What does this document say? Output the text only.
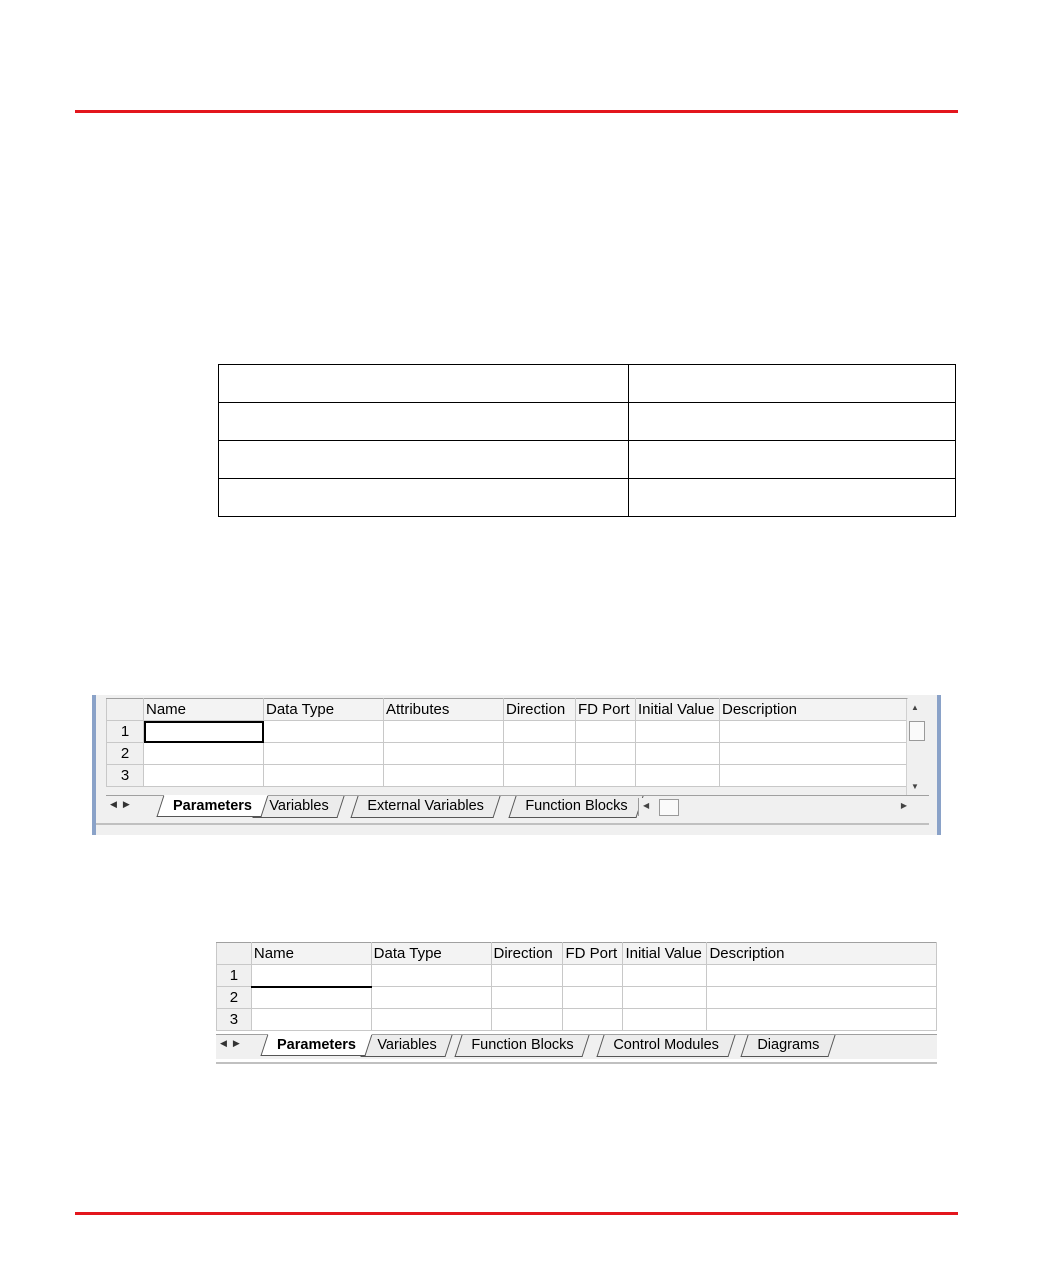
	Name	Data Type	Attributes	Direction	FD Port	Initial Value	Description
1							
2							
3							
▲
▼
◀▶	Parameters	Variables	External Variables	Function Blocks	◀	▶
	Name	Data Type	Direction	FD Port	Initial Value	Description
1						
2						
3						
◀▶	Parameters	Variables	Function Blocks	Control Modules	Diagrams
